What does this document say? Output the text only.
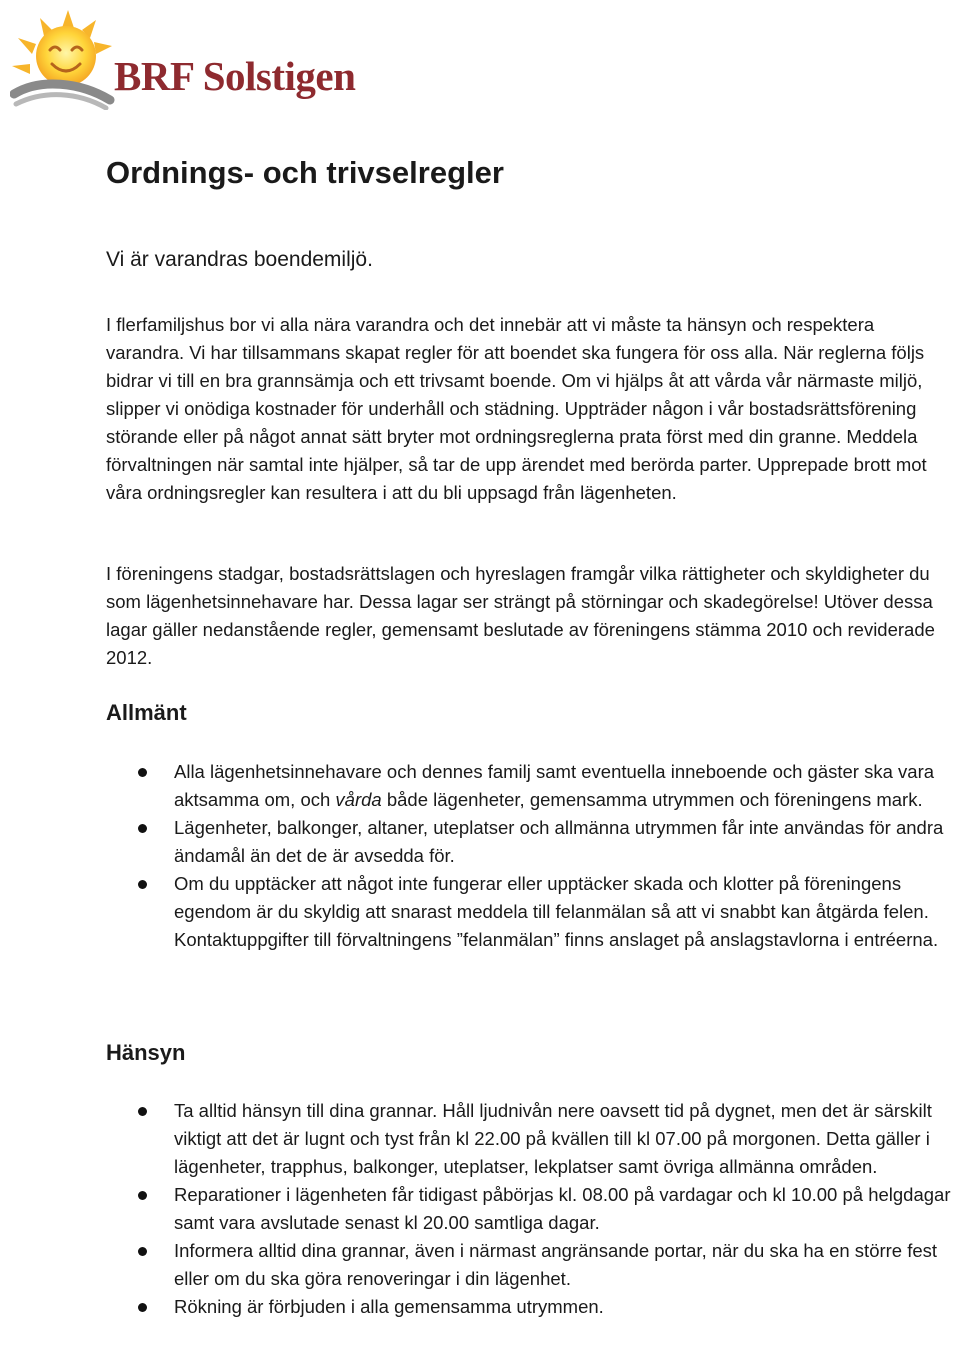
BRF Solstigen
Ordnings- och trivselregler

Vi är varandras boendemiljö.

I flerfamiljshus bor vi alla nära varandra och det innebär att vi måste ta hänsyn och respektera varandra. Vi har tillsammans skapat regler för att boendet ska fungera för oss alla. När reglerna följs bidrar vi till en bra grannsämja och ett trivsamt boende. Om vi hjälps åt att vårda vår närmaste miljö, slipper vi onödiga kostnader för underhåll och städning. Uppträder någon i vår bostadsrättsförening störande eller på något annat sätt bryter mot ordningsreglerna prata först med din granne. Meddela förvaltningen när samtal inte hjälper, så tar de upp ärendet med berörda parter. Upprepade brott mot våra ordningsregler kan resultera i att du bli uppsagd från lägenheten.

I föreningens stadgar, bostadsrättslagen och hyreslagen framgår vilka rättigheter och skyldigheter du som lägenhetsinnehavare har. Dessa lagar ser strängt på störningar och skadegörelse! Utöver dessa lagar gäller nedanstående regler, gemensamt beslutade av föreningens stämma 2010 och reviderade 2012.

Allmänt
Alla lägenhetsinnehavare och dennes familj samt eventuella inneboende och gäster ska vara aktsamma om, och vårda både lägenheter, gemensamma utrymmen och föreningens mark.
Lägenheter, balkonger, altaner, uteplatser och allmänna utrymmen får inte användas för andra ändamål än det de är avsedda för.
Om du upptäcker att något inte fungerar eller upptäcker skada och klotter på föreningens egendom är du skyldig att snarast meddela till felanmälan så att vi snabbt kan åtgärda felen. Kontaktuppgifter till förvaltningens ”felanmälan” finns anslaget på anslagstavlorna i entréerna.
Hänsyn
Ta alltid hänsyn till dina grannar. Håll ljudnivån nere oavsett tid på dygnet, men det är särskilt viktigt att det är lugnt och tyst från kl 22.00 på kvällen till kl 07.00 på morgonen. Detta gäller i lägenheter, trapphus, balkonger, uteplatser, lekplatser samt övriga allmänna områden.
Reparationer i lägenheten får tidigast påbörjas kl. 08.00 på vardagar och kl 10.00 på helgdagar samt vara avslutade senast kl 20.00 samtliga dagar.
Informera alltid dina grannar, även i närmast angränsande portar, när du ska ha en större fest eller om du ska göra renoveringar i din lägenhet.
Rökning är förbjuden i alla gemensamma utrymmen.
